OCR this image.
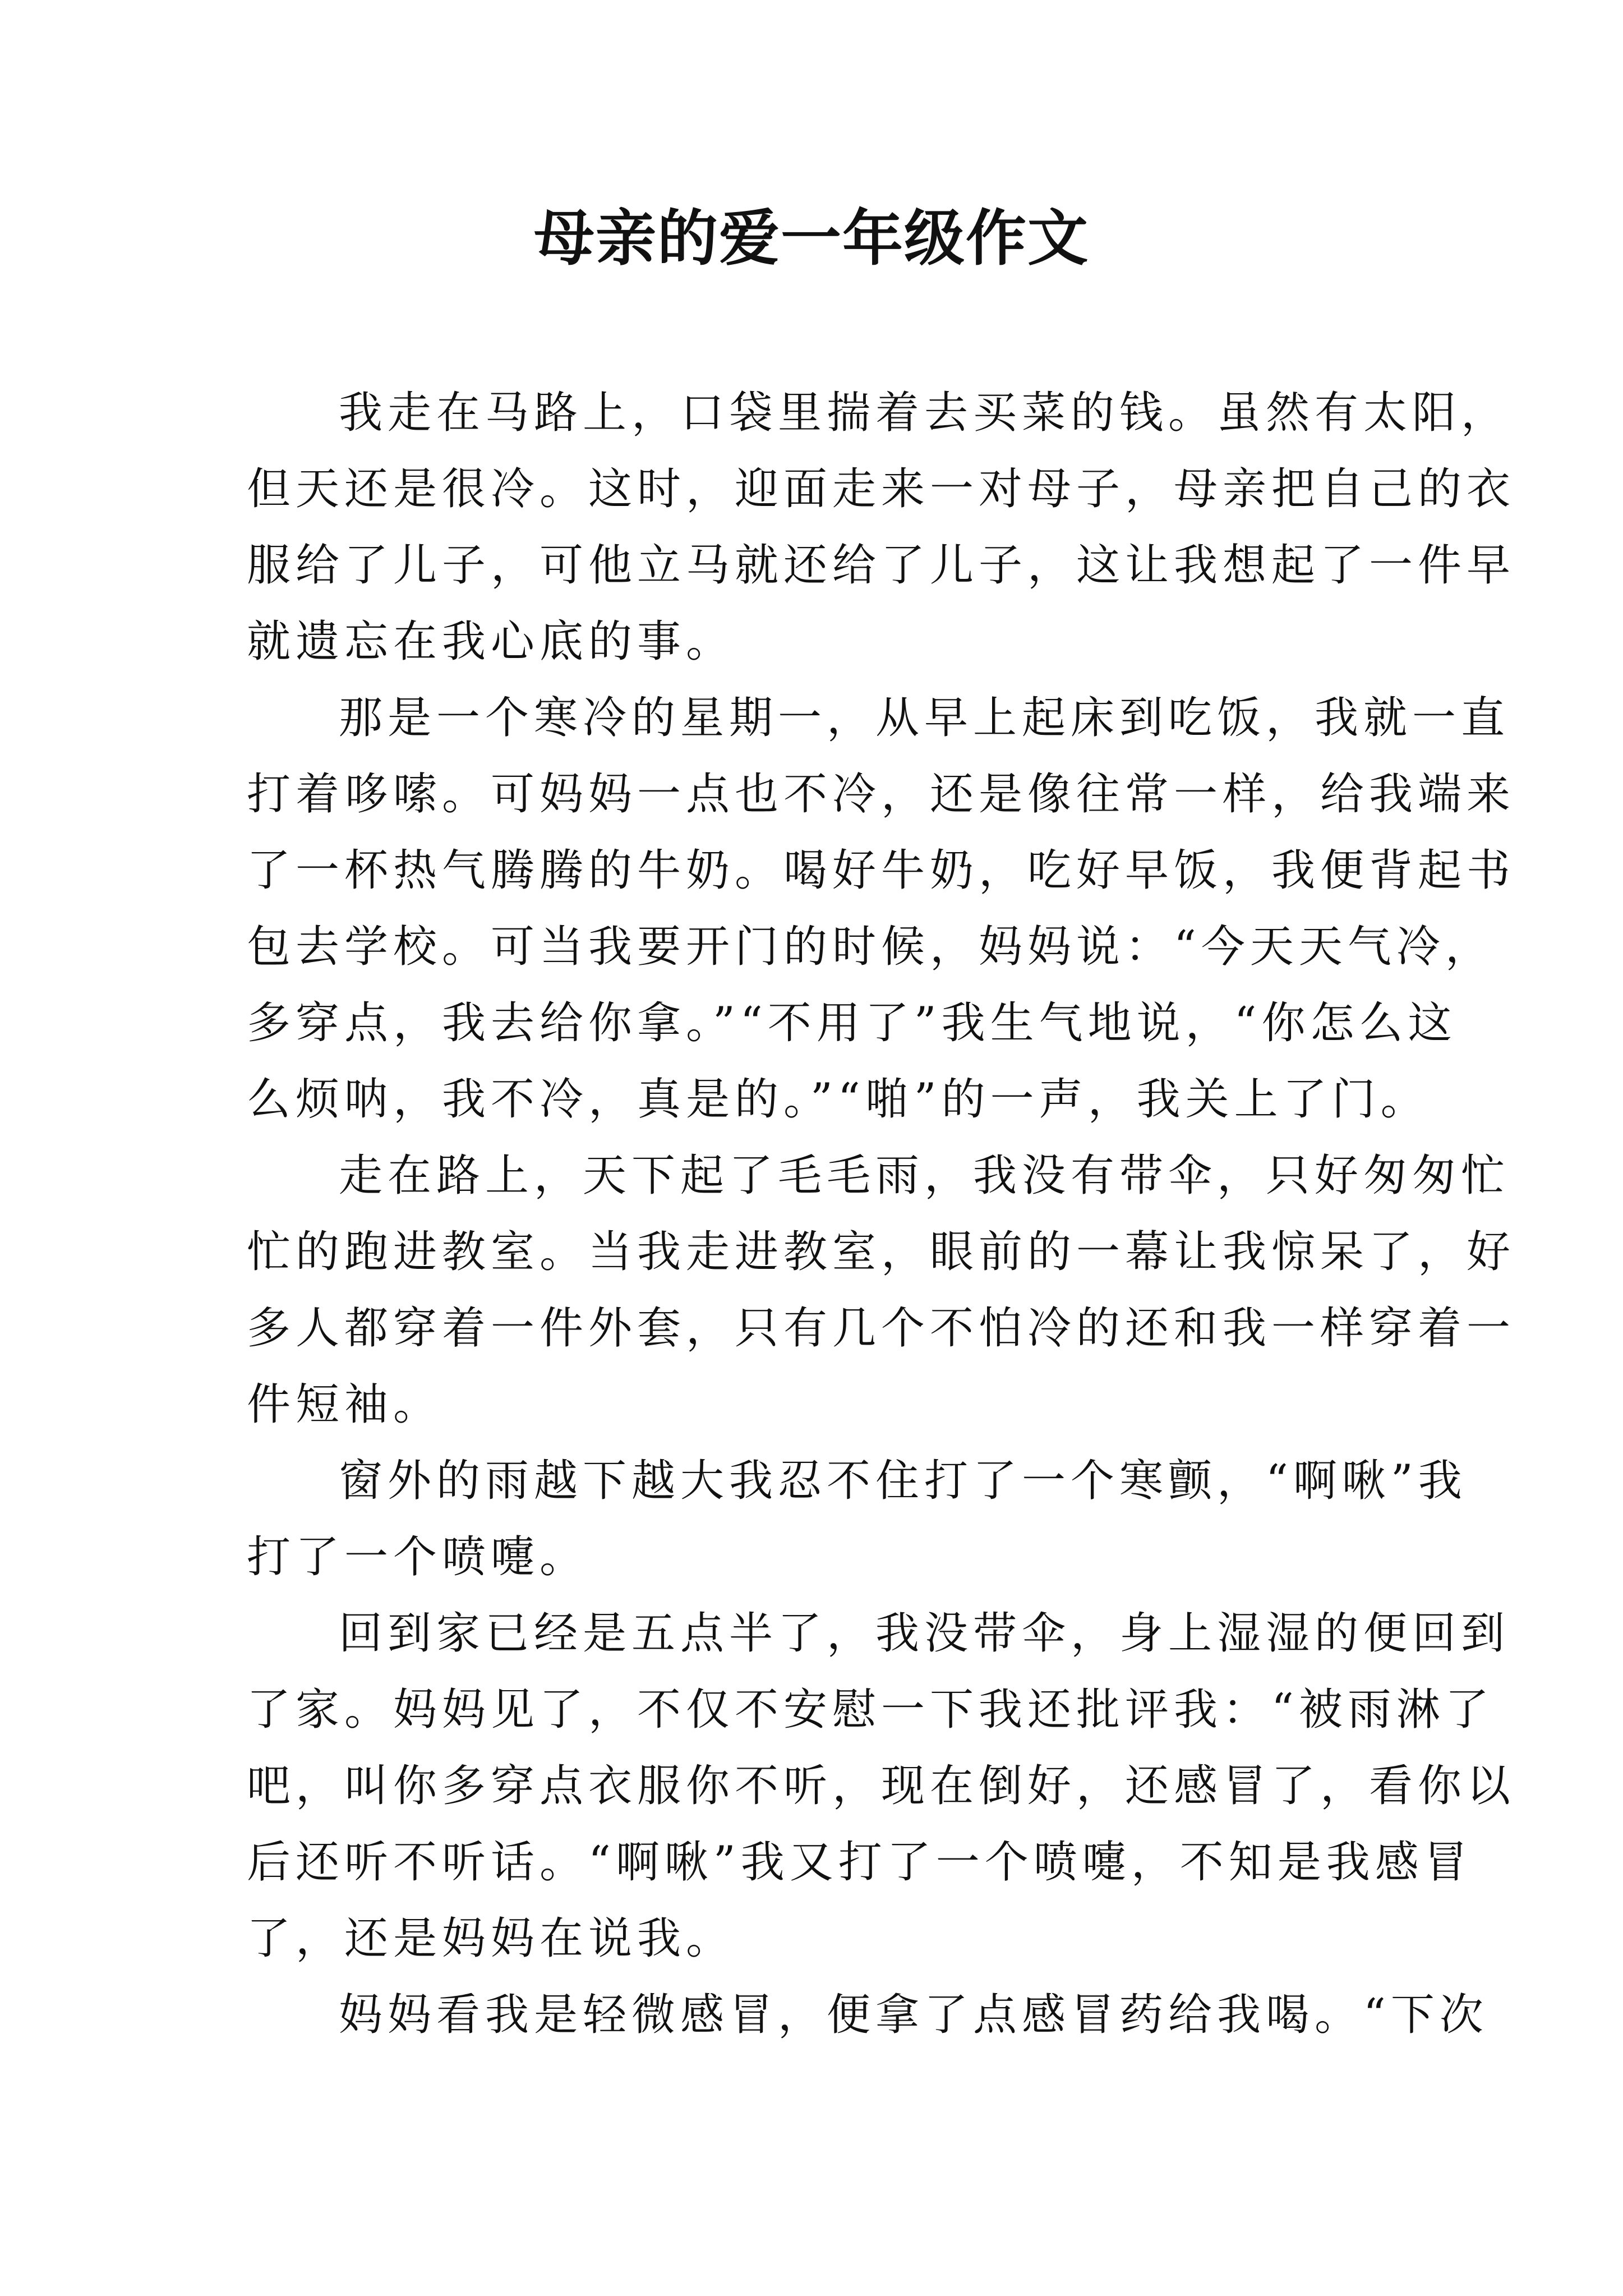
母亲的爱一年级作文
我走在马路上，口袋里揣着去买菜的钱。虽然有太阳，
但天还是很冷。这时，迎面走来一对母子，母亲把自己的衣
服给了儿子，可他立马就还给了儿子，这让我想起了一件早
就遗忘在我心底的事。
那是一个寒冷的星期一，从早上起床到吃饭，我就一直
打着哆嗦。可妈妈一点也不冷，还是像往常一样，给我端来
了一杯热气腾腾的牛奶。喝好牛奶，吃好早饭，我便背起书
包去学校。可当我要开门的时候，妈妈说：“今天天气冷，
多穿点，我去给你拿。”“不用了”我生气地说，“你怎么这
么烦呐，我不冷，真是的。”“啪”的一声，我关上了门。
走在路上，天下起了毛毛雨，我没有带伞，只好匆匆忙
忙的跑进教室。当我走进教室，眼前的一幕让我惊呆了，好
多人都穿着一件外套，只有几个不怕冷的还和我一样穿着一
件短袖。
窗外的雨越下越大我忍不住打了一个寒颤，“啊啾”我
打了一个喷嚏。
回到家已经是五点半了，我没带伞，身上湿湿的便回到
了家。妈妈见了，不仅不安慰一下我还批评我：“被雨淋了
吧，叫你多穿点衣服你不听，现在倒好，还感冒了，看你以
后还听不听话。“啊啾”我又打了一个喷嚏，不知是我感冒
了，还是妈妈在说我。
妈妈看我是轻微感冒，便拿了点感冒药给我喝。“下次
